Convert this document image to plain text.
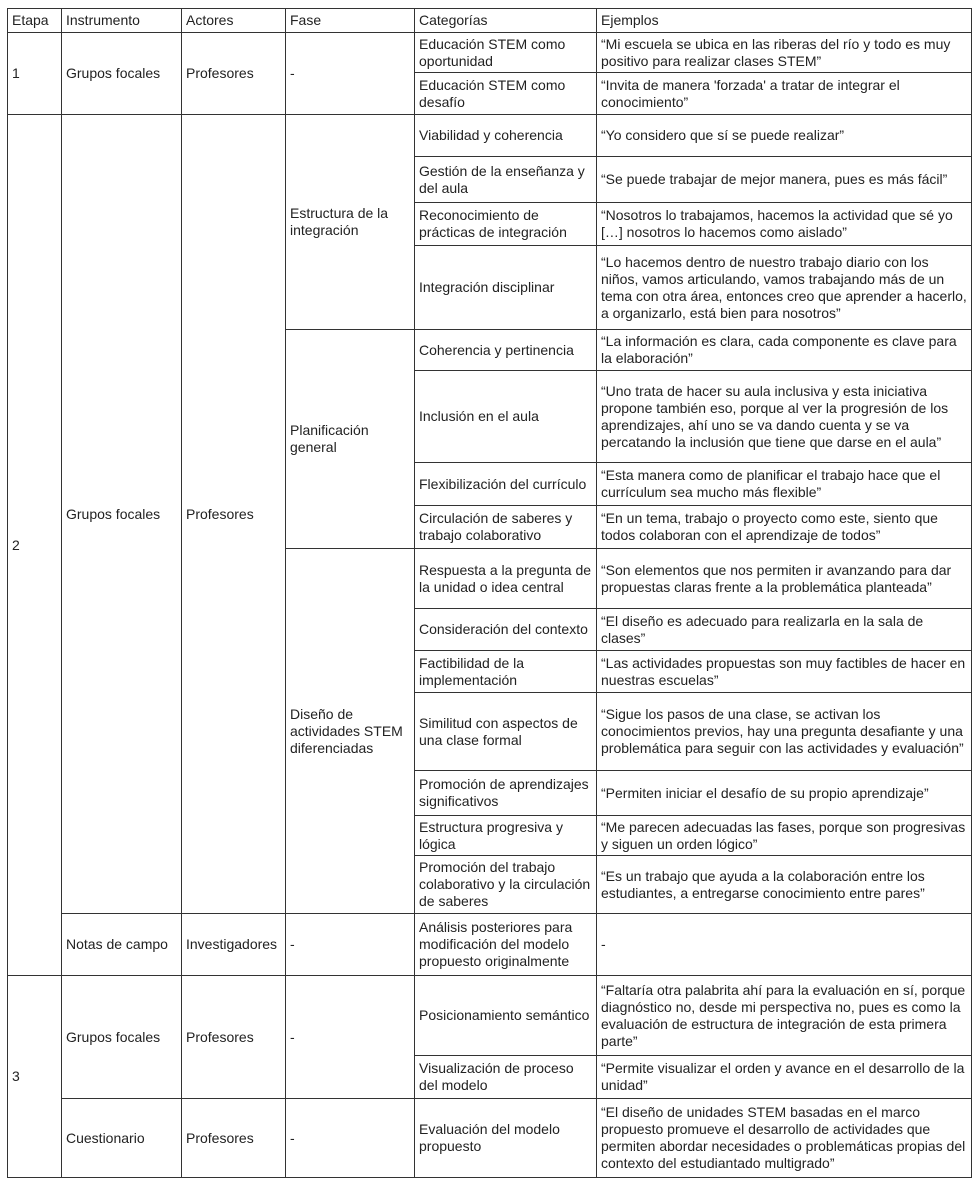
Etapa	Instrumento	Actores	Fase	Categorías	Ejemplos
1	Grupos focales	Profesores	-	Educación STEM como oportunidad	“Mi escuela se ubica en las riberas del río y todo es muy positivo para realizar clases STEM”
				Educación STEM como desafío	“Invita de manera 'forzada' a tratar de integrar el conocimiento”
2	Grupos focales	Profesores	Estructura de la integración	Viabilidad y coherencia	“Yo considero que sí se puede realizar”
				Gestión de la enseñanza y del aula	“Se puede trabajar de mejor manera, pues es más fácil”
				Reconocimiento de prácticas de integración	“Nosotros lo trabajamos, hacemos la actividad que sé yo […] nosotros lo hacemos como aislado”
				Integración disciplinar	“Lo hacemos dentro de nuestro trabajo diario con los niños, vamos articulando, vamos trabajando más de un tema con otra área, entonces creo que aprender a hacerlo, a organizarlo, está bien para nosotros”
			Planificación general	Coherencia y pertinencia	“La información es clara, cada componente es clave para la elaboración”
				Inclusión en el aula	“Uno trata de hacer su aula inclusiva y esta iniciativa propone también eso, porque al ver la progresión de los aprendizajes, ahí uno se va dando cuenta y se va percatando la inclusión que tiene que darse en el aula”
				Flexibilización del currículo	“Esta manera como de planificar el trabajo hace que el currículum sea mucho más flexible”
				Circulación de saberes y trabajo colaborativo	“En un tema, trabajo o proyecto como este, siento que todos colaboran con el aprendizaje de todos”
			Diseño de actividades STEM diferenciadas	Respuesta a la pregunta de la unidad o idea central	“Son elementos que nos permiten ir avanzando para dar propuestas claras frente a la problemática planteada”
				Consideración del contexto	“El diseño es adecuado para realizarla en la sala de clases”
				Factibilidad de la implementación	“Las actividades propuestas son muy factibles de hacer en nuestras escuelas”
				Similitud con aspectos de una clase formal	“Sigue los pasos de una clase, se activan los conocimientos previos, hay una pregunta desafiante y una problemática para seguir con las actividades y evaluación”
				Promoción de aprendizajes significativos	“Permiten iniciar el desafío de su propio aprendizaje”
				Estructura progresiva y lógica	“Me parecen adecuadas las fases, porque son progresivas y siguen un orden lógico”
				Promoción del trabajo colaborativo y la circulación de saberes	“Es un trabajo que ayuda a la colaboración entre los estudiantes, a entregarse conocimiento entre pares”
	Notas de campo	Investigadores	-	Análisis posteriores para modificación del modelo propuesto originalmente	-
3	Grupos focales	Profesores	-	Posicionamiento semántico	“Faltaría otra palabrita ahí para la evaluación en sí, porque diagnóstico no, desde mi perspectiva no, pues es como la evaluación de estructura de integración de esta primera parte”
				Visualización de proceso del modelo	“Permite visualizar el orden y avance en el desarrollo de la unidad”
	Cuestionario	Profesores	-	Evaluación del modelo propuesto	“El diseño de unidades STEM basadas en el marco propuesto promueve el desarrollo de actividades que permiten abordar necesidades o problemáticas propias del contexto del estudiantado multigrado”
